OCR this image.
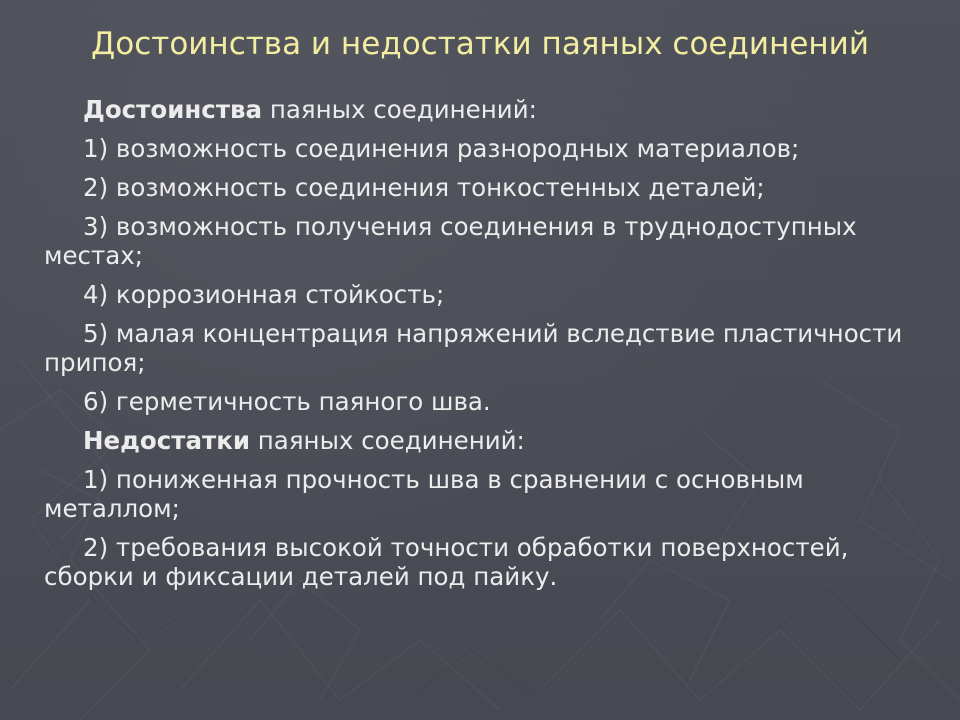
Достоинства и недостатки паяных соединений

Достоинства паяных соединений:

1) возможность соединения разнородных материалов;

2) возможность соединения тонкостенных деталей;

3) возможность получения соединения в труднодоступных местах;

4) коррозионная стойкость;

5) малая концентрация напряжений вследствие пластичности припоя;

6) герметичность паяного шва.

Недостатки паяных соединений:

1) пониженная прочность шва в сравнении с основным металлом;

2) требования высокой точности обработки поверхностей, сборки и фиксации деталей под пайку.
